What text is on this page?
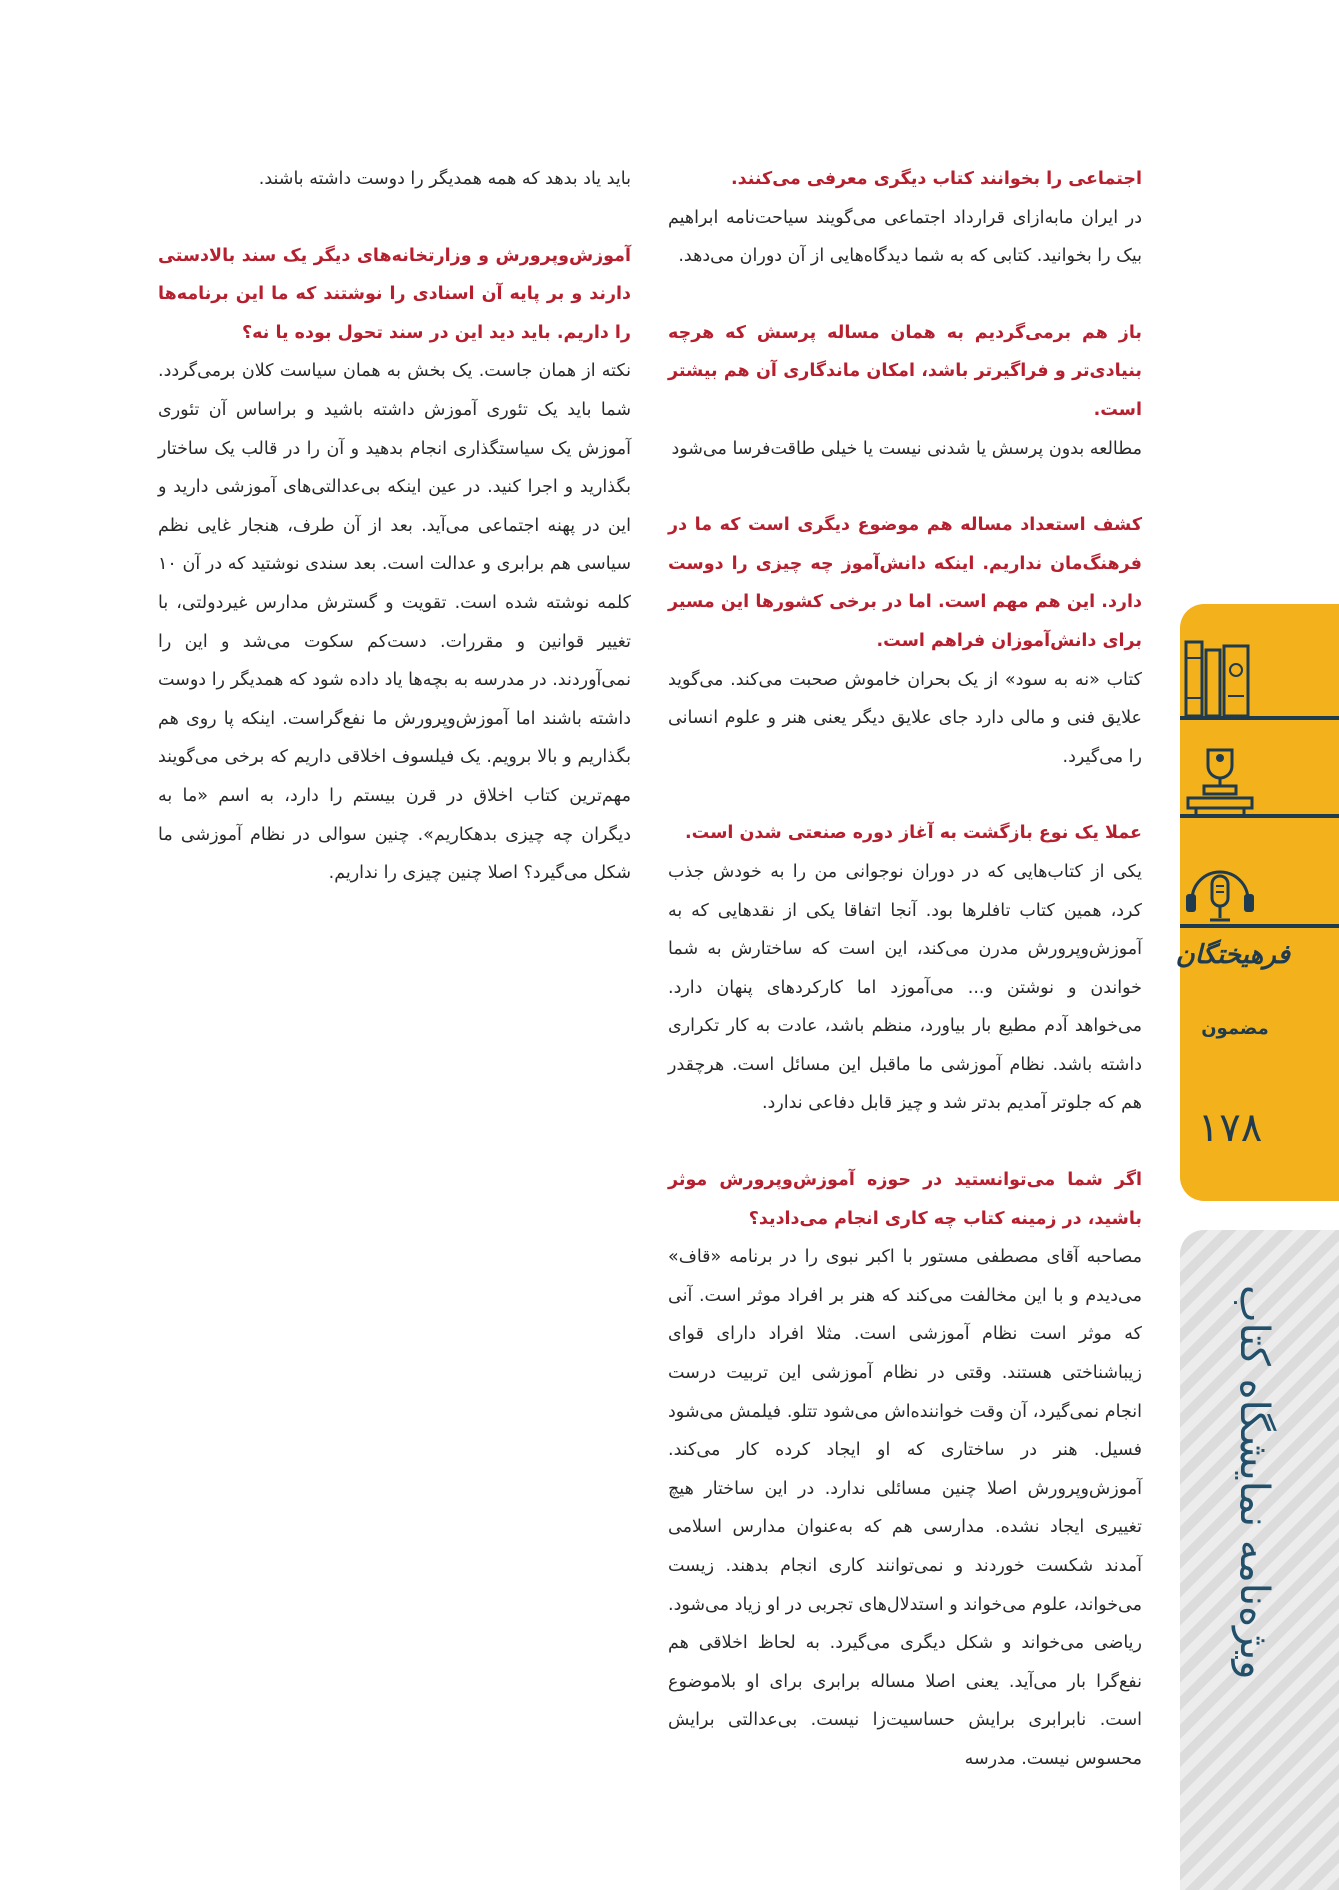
اجتماعی را بخوانند کتاب دیگری معرفی می‌کنند.

در ایران مابه‌ازای قرارداد اجتماعی می‌گویند سیاحت‌نامه ابراهیم بیک را بخوانید. کتابی که به شما دیدگاه‌هایی از آن دوران می‌دهد.

باز هم برمی‌گردیم به همان مساله پرسش که هرچه بنیادی‌تر و فراگیرتر باشد، امکان ماندگاری آن هم بیشتر است.

مطالعه بدون پرسش یا شدنی نیست یا خیلی طاقت‌فرسا می‌شود

کشف استعداد مساله هم موضوع دیگری است که ما در فرهنگ‌مان نداریم. اینکه دانش‌آموز چه چیزی را دوست دارد. این هم مهم است. اما در برخی کشورها این مسیر برای دانش‌آموزان فراهم است.

کتاب «نه به سود» از یک بحران خاموش صحبت می‌کند. می‌گوید علایق فنی و مالی دارد جای علایق دیگر یعنی هنر و علوم انسانی را می‌گیرد.

عملا یک نوع بازگشت به آغاز دوره صنعتی شدن است.

یکی از کتاب‌هایی که در دوران نوجوانی من را به خودش جذب کرد، همین کتاب تافلرها بود. آنجا اتفاقا یکی از نقدهایی که به آموزش‌وپرورش مدرن می‌کند، این است که ساختارش به شما خواندن و نوشتن و... می‌آموزد اما کارکردهای پنهان دارد. می‌خواهد آدم مطیع بار بیاورد، منظم باشد، عادت به کار تکراری داشته باشد. نظام آموزشی ما ماقبل این مسائل است. هرچقدر هم که جلوتر آمدیم بدتر شد و چیز قابل دفاعی ندارد.

اگر شما می‌توانستید در حوزه آموزش‌وپرورش موثر باشید، در زمینه کتاب چه کاری انجام می‌دادید؟

مصاحبه آقای مصطفی مستور با اکبر نبوی را در برنامه «قاف» می‌دیدم و با این مخالفت می‌کند که هنر بر افراد موثر است. آنی که موثر است نظام آموزشی است. مثلا افراد دارای قوای زیباشناختی هستند. وقتی در نظام آموزشی این تربیت درست انجام نمی‌گیرد، آن وقت خواننده‌اش می‌شود تتلو. فیلمش می‌شود فسیل. هنر در ساختاری که او ایجاد کرده کار می‌کند. آموزش‌وپرورش اصلا چنین مسائلی ندارد. در این ساختار هیچ تغییری ایجاد نشده. مدارسی هم که به‌عنوان مدارس اسلامی آمدند شکست خوردند و نمی‌توانند کاری انجام بدهند. زیست می‌خواند، علوم می‌خواند و استدلال‌های تجربی در او زیاد می‌شود. ریاضی می‌خواند و شکل دیگری می‌گیرد. به لحاظ اخلاقی هم نفع‌گرا بار می‌آید. یعنی اصلا مساله برابری برای او بلاموضوع است. نابرابری برایش حساسیت‌زا نیست. بی‌عدالتی برایش محسوس نیست. مدرسه

باید یاد بدهد که همه همدیگر را دوست داشته باشند.

آموزش‌وپرورش و وزارتخانه‌های دیگر یک سند بالادستی دارند و بر پایه آن اسنادی را نوشتند که ما این برنامه‌ها را داریم. باید دید این در سند تحول بوده یا نه؟

نکته از همان جاست. یک بخش به همان سیاست کلان برمی‌گردد. شما باید یک تئوری آموزش داشته باشید و براساس آن تئوری آموزش یک سیاستگذاری انجام بدهید و آن را در قالب یک ساختار بگذارید و اجرا کنید. در عین اینکه بی‌عدالتی‌های آموزشی دارید و این در پهنه اجتماعی می‌آید. بعد از آن طرف، هنجار غایی نظم سیاسی هم برابری و عدالت است. بعد سندی نوشتید که در آن ۱۰ کلمه نوشته شده است. تقویت و گسترش مدارس غیردولتی، با تغییر قوانین و مقررات. دست‌کم سکوت می‌شد و این را نمی‌آوردند. در مدرسه به بچه‌ها یاد داده شود که همدیگر را دوست داشته باشند اما آموزش‌وپرورش ما نفع‌گراست. اینکه پا روی هم بگذاریم و بالا برویم. یک فیلسوف اخلاقی داریم که برخی می‌گویند مهم‌ترین کتاب اخلاق در قرن بیستم را دارد، به اسم «ما به دیگران چه چیزی بدهکاریم». چنین سوالی در نظام آموزشی ما شکل می‌گیرد؟ اصلا چنین چیزی را نداریم.

فرهیختگان
مضمون
۱۷۸
ویژه‌نامه نمایشگاه کتاب
